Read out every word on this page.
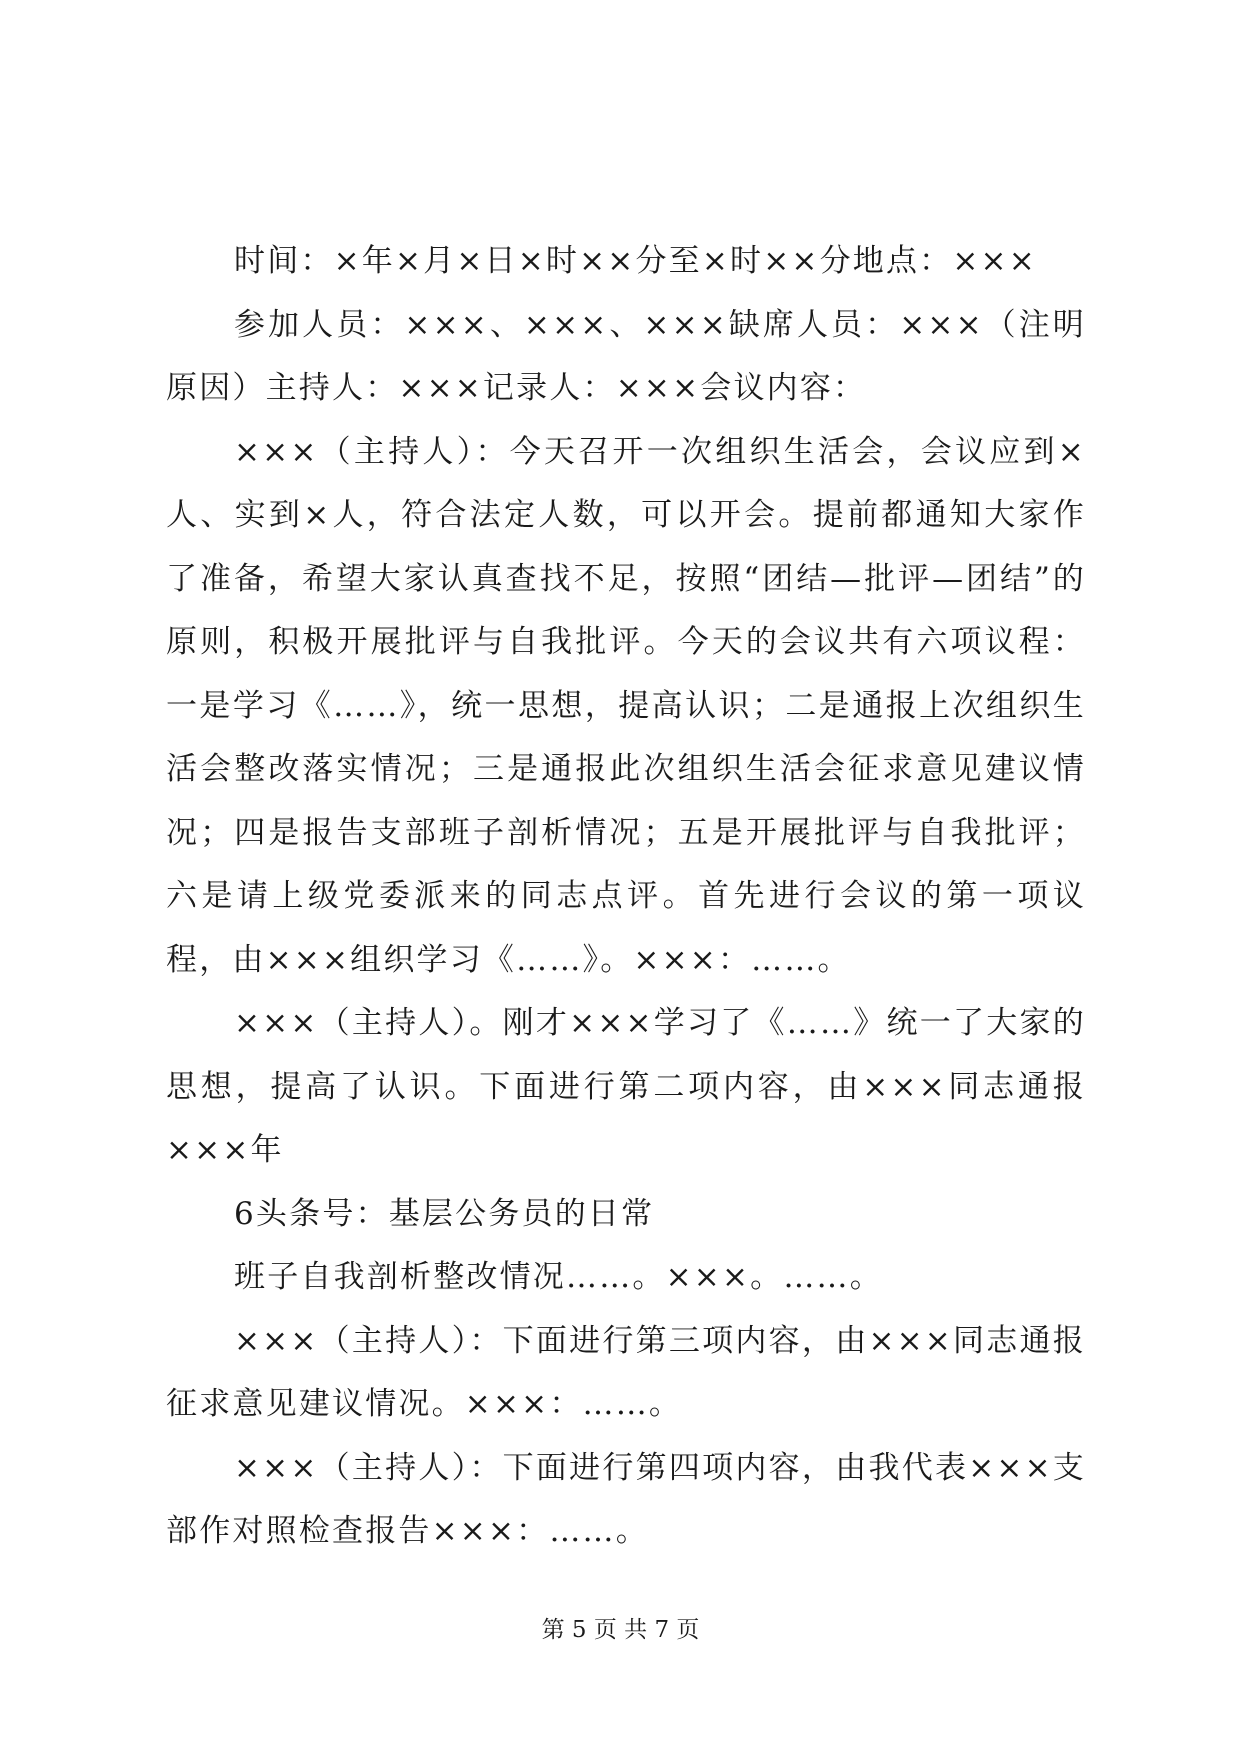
时间：×年×月×日×时××分至×时××分地点：×××

参加人员：×××、×××、×××缺席人员：×××（注明原因）主持人：×××记录人：×××会议内容：

×××（主持人）：今天召开一次组织生活会，会议应到×人、实到×人，符合法定人数，可以开会。提前都通知大家作了准备，希望大家认真查找不足，按照“团结—批评—团结”的原则，积极开展批评与自我批评。今天的会议共有六项议程：一是学习《……》，统一思想，提高认识；二是通报上次组织生活会整改落实情况；三是通报此次组织生活会征求意见建议情况；四是报告支部班子剖析情况；五是开展批评与自我批评；六是请上级党委派来的同志点评。首先进行会议的第一项议程，由×××组织学习《……》。×××：……。

×××（主持人）。刚才×××学习了《……》统一了大家的思想，提高了认识。下面进行第二项内容，由×××同志通报×××年

6头条号：基层公务员的日常

班子自我剖析整改情况……。×××。……。

×××（主持人）：下面进行第三项内容，由×××同志通报征求意见建议情况。×××：……。

×××（主持人）：下面进行第四项内容，由我代表×××支部作对照检查报告×××：……。

第 5 页 共 7 页
